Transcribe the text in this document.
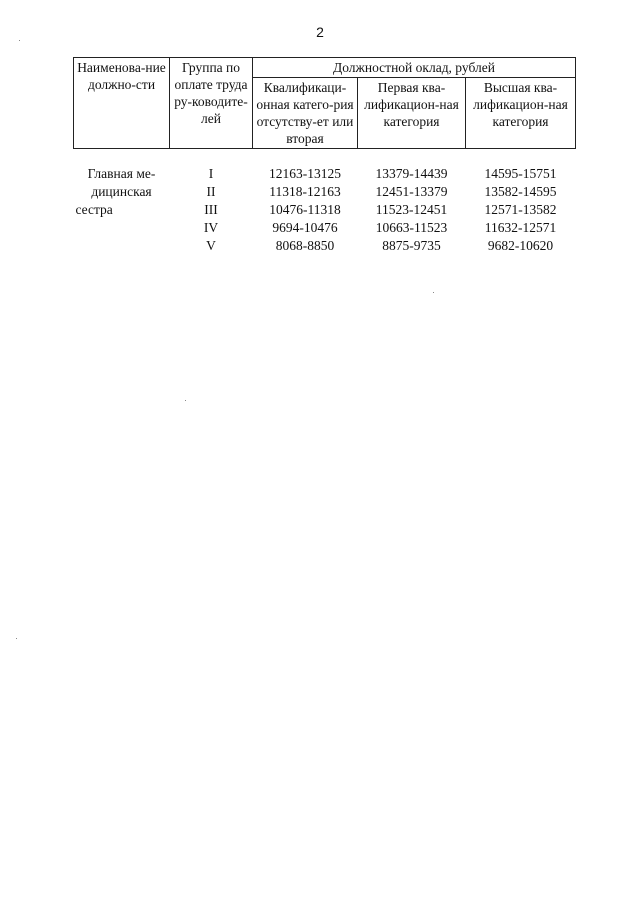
2
Наименова-ние должно-сти	Группа по оплате труда ру-ководите-лей	Должностной оклад, рублей		
		Квалификаци-онная катего-рия отсутству-ет или вторая	Первая ква-лификацион-ная категория	Высшая ква-лификацион-ная категория

Главная ме-дицинская сестра	I	12163-13125	13379-14439	14595-15751
	II	11318-12163	12451-13379	13582-14595
	III	10476-11318	11523-12451	12571-13582
	IV	9694-10476	10663-11523	11632-12571
	V	8068-8850	8875-9735	9682-10620
